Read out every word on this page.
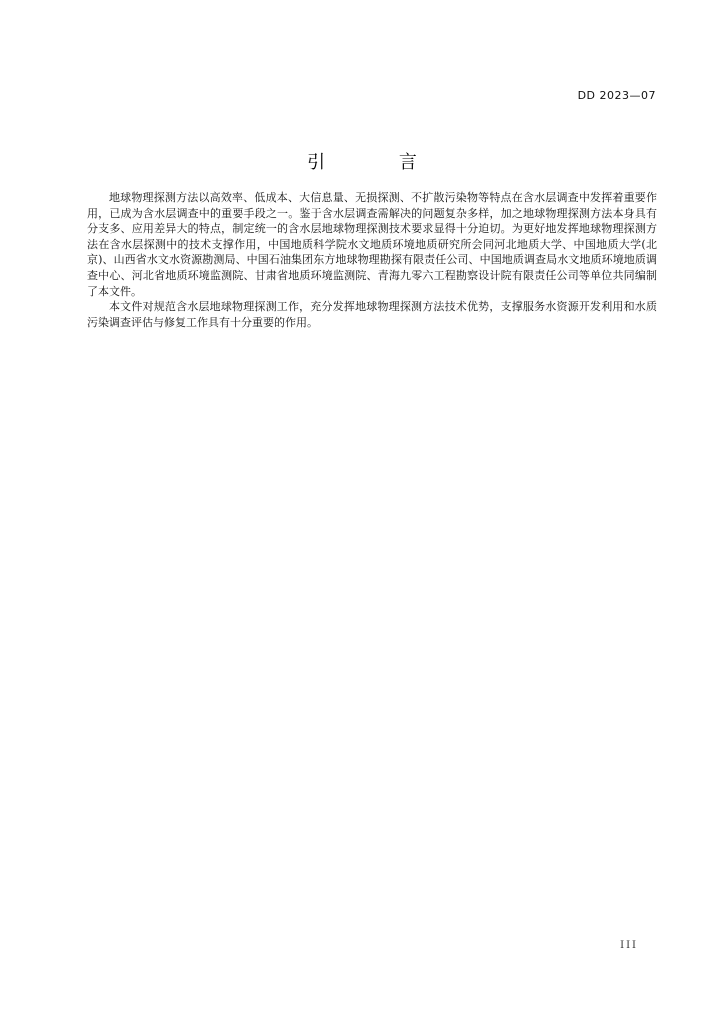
DD 2023—07
引 言

地球物理探测方法以高效率、低成本、大信息量、无损探测、不扩散污染物等特点在含水层调查中发挥着重要作用，已成为含水层调查中的重要手段之一。鉴于含水层调查需解决的问题复杂多样，加之地球物理探测方法本身具有分支多、应用差异大的特点，制定统一的含水层地球物理探测技术要求显得十分迫切。为更好地发挥地球物理探测方法在含水层探测中的技术支撑作用，中国地质科学院水文地质环境地质研究所会同河北地质大学、中国地质大学(北京)、山西省水文水资源勘测局、中国石油集团东方地球物理勘探有限责任公司、中国地质调查局水文地质环境地质调查中心、河北省地质环境监测院、甘肃省地质环境监测院、青海九零六工程勘察设计院有限责任公司等单位共同编制了本文件。

本文件对规范含水层地球物理探测工作，充分发挥地球物理探测方法技术优势，支撑服务水资源开发利用和水质污染调查评估与修复工作具有十分重要的作用。

III
